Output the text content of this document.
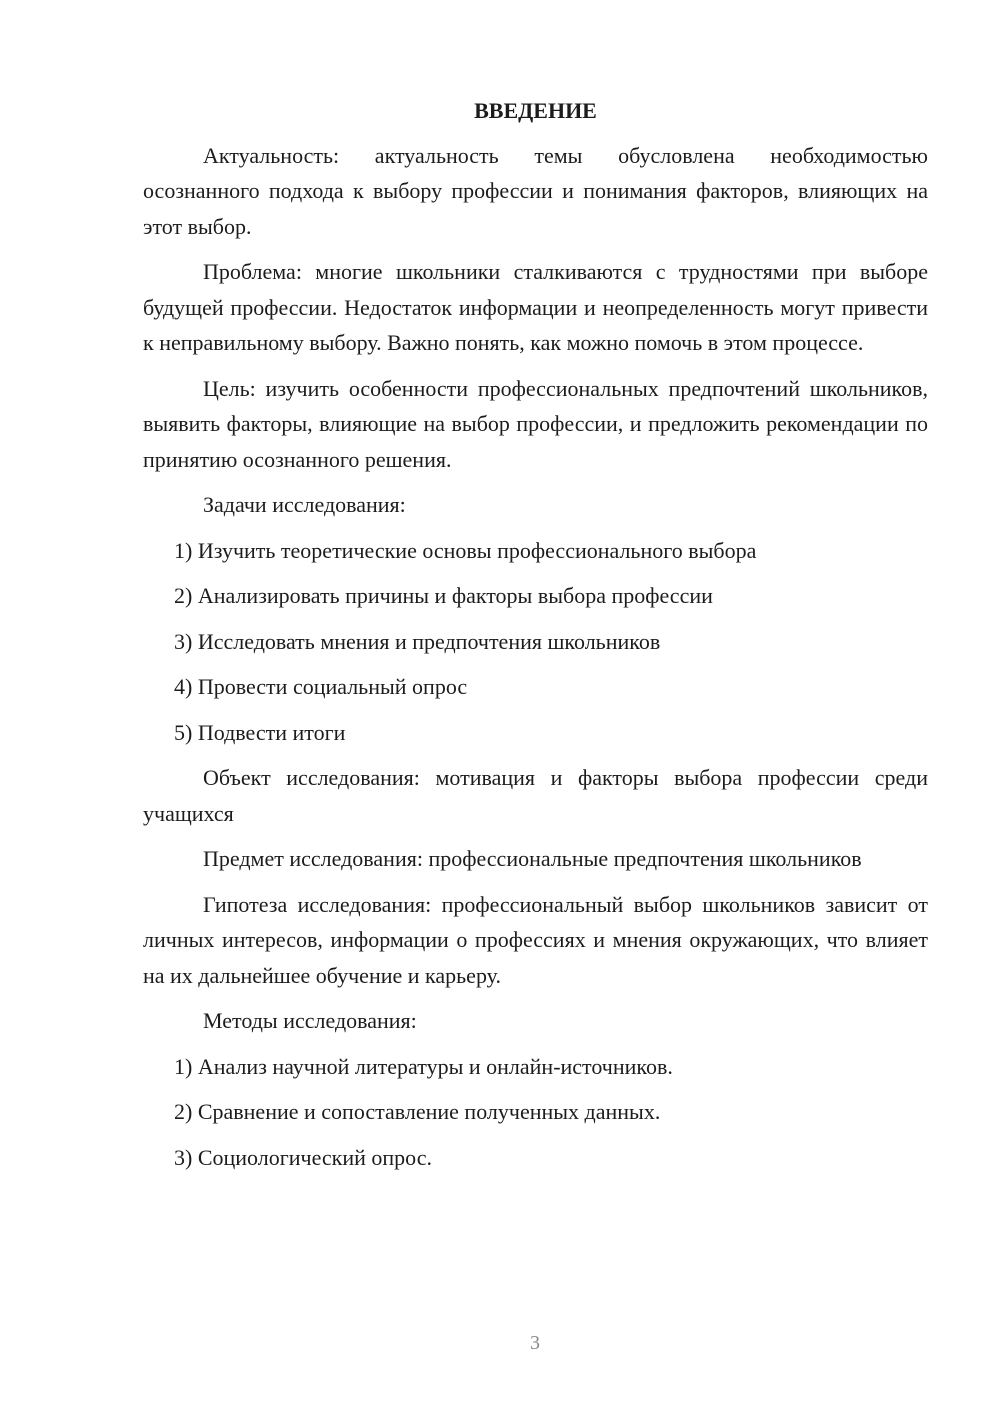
ВВЕДЕНИЕ

Актуальность: актуальность темы обусловлена необходимостью осознанного подхода к выбору профессии и понимания факторов, влияющих на этот выбор.

Проблема: многие школьники сталкиваются с трудностями при выборе будущей профессии. Недостаток информации и неопределенность могут привести к неправильному выбору. Важно понять, как можно помочь в этом процессе.

Цель: изучить особенности профессиональных предпочтений школьников, выявить факторы, влияющие на выбор профессии, и предложить рекомендации по принятию осознанного решения.

Задачи исследования:

1) Изучить теоретические основы профессионального выбора
2) Анализировать причины и факторы выбора профессии
3) Исследовать мнения и предпочтения школьников
4) Провести социальный опрос
5) Подвести итоги

Объект исследования: мотивация и факторы выбора профессии среди учащихся

Предмет исследования: профессиональные предпочтения школьников

Гипотеза исследования: профессиональный выбор школьников зависит от личных интересов, информации о профессиях и мнения окружающих, что влияет на их дальнейшее обучение и карьеру.

Методы исследования:

1) Анализ научной литературы и онлайн-источников.
2) Сравнение и сопоставление полученных данных.
3) Социологический опрос.
3
